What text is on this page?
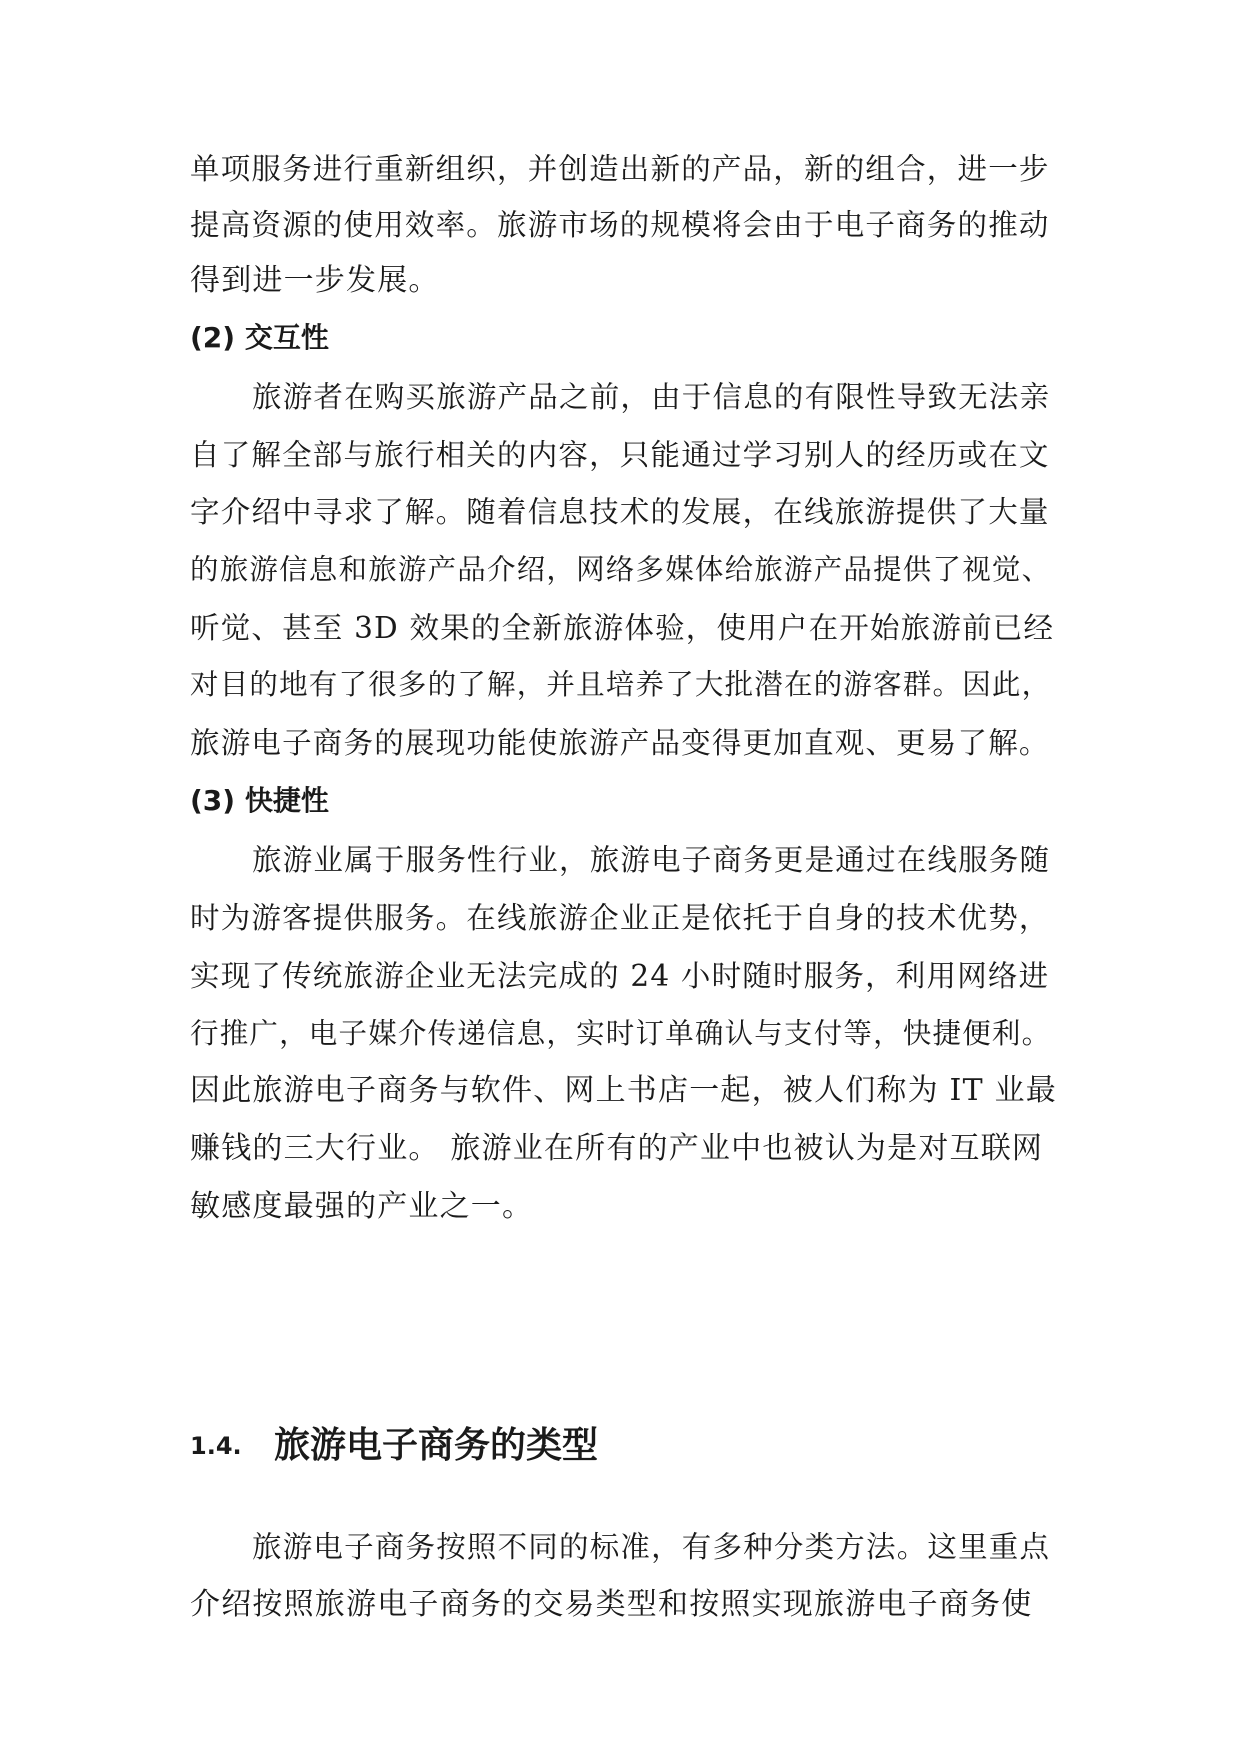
单项服务进行重新组织，并创造出新的产品，新的组合，进一步
提高资源的使用效率。旅游市场的规模将会由于电子商务的推动
得到进一步发展。
(2) 交互性
旅游者在购买旅游产品之前，由于信息的有限性导致无法亲
自了解全部与旅行相关的内容，只能通过学习别人的经历或在文
字介绍中寻求了解。随着信息技术的发展，在线旅游提供了大量
的旅游信息和旅游产品介绍，网络多媒体给旅游产品提供了视觉、
听觉、甚至 3D 效果的全新旅游体验，使用户在开始旅游前已经
对目的地有了很多的了解，并且培养了大批潜在的游客群。因此，
旅游电子商务的展现功能使旅游产品变得更加直观、更易了解。
(3) 快捷性
旅游业属于服务性行业，旅游电子商务更是通过在线服务随
时为游客提供服务。在线旅游企业正是依托于自身的技术优势，
实现了传统旅游企业无法完成的 24 小时随时服务，利用网络进
行推广，电子媒介传递信息，实时订单确认与支付等，快捷便利。
因此旅游电子商务与软件、网上书店一起，被人们称为 IT 业最
赚钱的三大行业。 旅游业在所有的产业中也被认为是对互联网
敏感度最强的产业之一。
1.4. 旅游电子商务的类型
旅游电子商务按照不同的标准，有多种分类方法。这里重点
介绍按照旅游电子商务的交易类型和按照实现旅游电子商务使
